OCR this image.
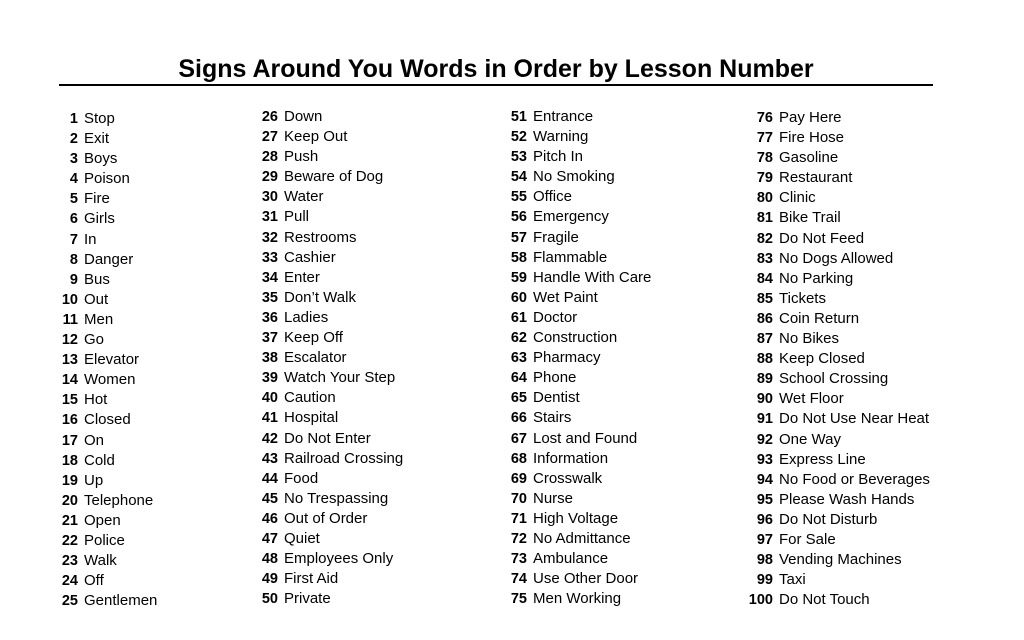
Signs Around You Words in Order by Lesson Number
1 Stop
2 Exit
3 Boys
4 Poison
5 Fire
6 Girls
7 In
8 Danger
9 Bus
10 Out
11 Men
12 Go
13 Elevator
14 Women
15 Hot
16 Closed
17 On
18 Cold
19 Up
20 Telephone
21 Open
22 Police
23 Walk
24 Off
25 Gentlemen
26 Down
27 Keep Out
28 Push
29 Beware of Dog
30 Water
31 Pull
32 Restrooms
33 Cashier
34 Enter
35 Don’t Walk
36 Ladies
37 Keep Off
38 Escalator
39 Watch Your Step
40 Caution
41 Hospital
42 Do Not Enter
43 Railroad Crossing
44 Food
45 No Trespassing
46 Out of Order
47 Quiet
48 Employees Only
49 First Aid
50 Private
51 Entrance
52 Warning
53 Pitch In
54 No Smoking
55 Office
56 Emergency
57 Fragile
58 Flammable
59 Handle With Care
60 Wet Paint
61 Doctor
62 Construction
63 Pharmacy
64 Phone
65 Dentist
66 Stairs
67 Lost and Found
68 Information
69 Crosswalk
70 Nurse
71 High Voltage
72 No Admittance
73 Ambulance
74 Use Other Door
75 Men Working
76 Pay Here
77 Fire Hose
78 Gasoline
79 Restaurant
80 Clinic
81 Bike Trail
82 Do Not Feed
83 No Dogs Allowed
84 No Parking
85 Tickets
86 Coin Return
87 No Bikes
88 Keep Closed
89 School Crossing
90 Wet Floor
91 Do Not Use Near Heat
92 One Way
93 Express Line
94 No Food or Beverages
95 Please Wash Hands
96 Do Not Disturb
97 For Sale
98 Vending Machines
99 Taxi
100 Do Not Touch
